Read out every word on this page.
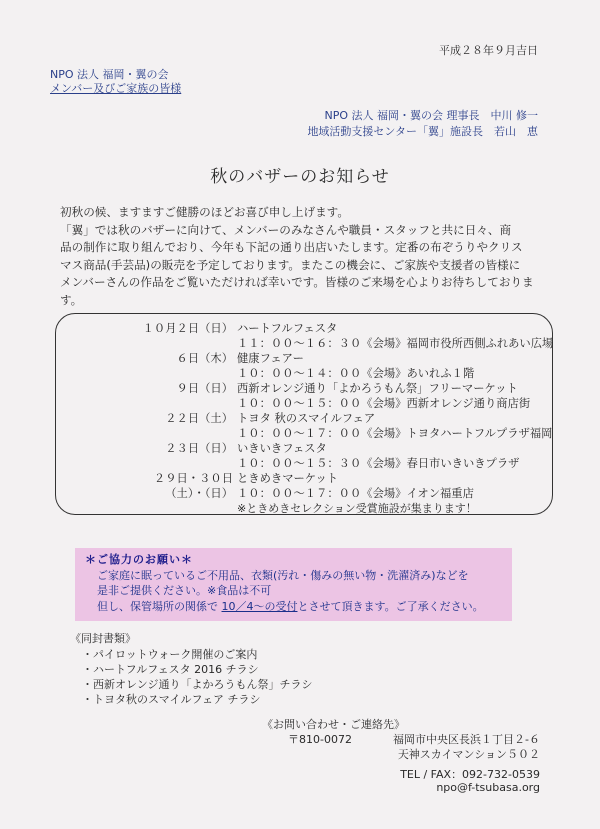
平成２８年９月吉日
NPO 法人 福岡・翼の会
メンバー及びご家族の皆様
NPO 法人 福岡・翼の会 理事長　中川 修一
地域活動支援センター「翼」施設長　若山　恵
秋のバザーのお知らせ

初秋の候、ますますご健勝のほどお喜び申し上げます。

「翼」では秋のバザーに向けて、メンバーのみなさんや職員・スタッフと共に日々、商

品の制作に取り組んでおり、今年も下記の通り出店いたします。定番の布ぞうりやクリス

マス商品(手芸品)の販売を予定しております。またこの機会に、ご家族や支援者の皆様に

メンバーさんの作品をご覧いただければ幸いです。皆様のご来場を心よりお待ちしておりま

す。

１０月２日（日） ハートフルフェスタ
１１：００～１６：３０《会場》福岡市役所西側ふれあい広場
６日（木） 健康フェアー
１０：００～１４：００《会場》あいれふ１階
９日（日） 西新オレンジ通り「よかろうもん祭」フリーマーケット
１０：００～１５：００《会場》西新オレンジ通り商店街
２２日（土） トヨタ 秋のスマイルフェア
１０：００～１７：００《会場》トヨタハートフルプラザ福岡
２３日（日） いきいきフェスタ
１０：００～１５：３０《会場》春日市いきいきプラザ
２９日・３０日
（土）・（日）
ときめきマーケット
１０：００～１７：００《会場》イオン福重店
※ときめきセレクション受賞施設が集まります！
＊ご協力のお願い＊
ご家庭に眠っているご不用品、衣類(汚れ・傷みの無い物・洗濯済み)などを
是非ご提供ください。※食品は不可
但し、保管場所の関係で 10／4～の受付とさせて頂きます。ご了承ください。
《同封書類》
・パイロットウォーク開催のご案内
・ハートフルフェスタ 2016 チラシ
・西新オレンジ通り「よかろうもん祭」チラシ
・トヨタ秋のスマイルフェア チラシ
《お問い合わせ・ご連絡先》
〒810-0072	福岡市中央区長浜１丁目２-６
天神スカイマンション５０２
TEL / FAX：092-732-0539
npo@f-tsubasa.org
